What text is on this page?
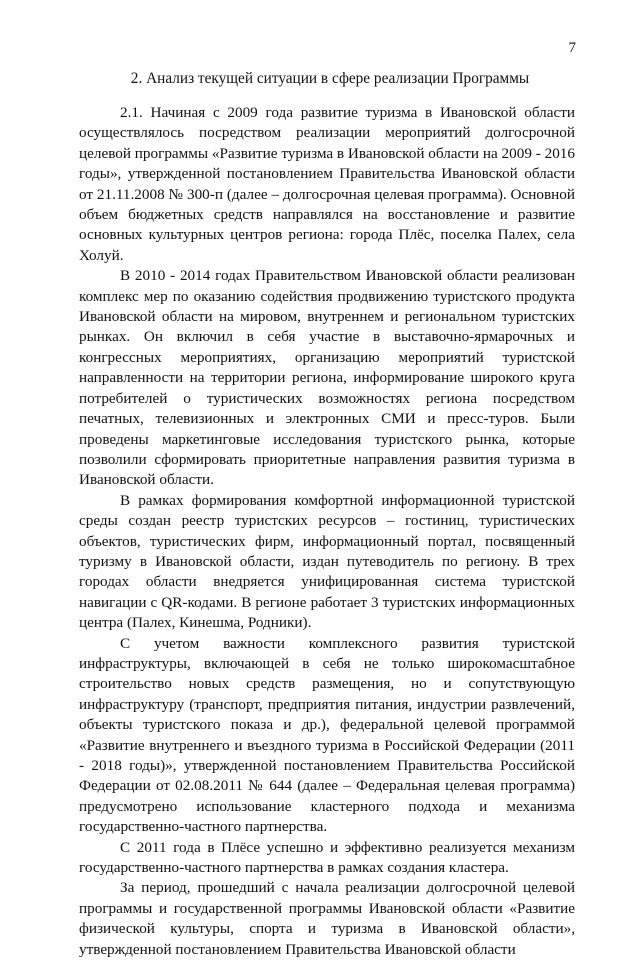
7
2. Анализ текущей ситуации в сфере реализации Программы

2.1. Начиная с 2009 года развитие туризма в Ивановской области осуществлялось посредством реализации мероприятий долгосрочной целевой программы «Развитие туризма в Ивановской области на 2009 - 2016 годы», утвержденной постановлением Правительства Ивановской области от 21.11.2008 № 300-п (далее – долгосрочная целевая программа). Основной объем бюджетных средств направлялся на восстановление и развитие основных культурных центров региона: города Плёс, поселка Палех, села Холуй.

В 2010 - 2014 годах Правительством Ивановской области реализован комплекс мер по оказанию содействия продвижению туристского продукта Ивановской области на мировом, внутреннем и региональном туристских рынках. Он включил в себя участие в выставочно-ярмарочных и конгрессных мероприятиях, организацию мероприятий туристской направленности на территории региона, информирование широкого круга потребителей о туристических возможностях региона посредством печатных, телевизионных и электронных СМИ и пресс-туров. Были проведены маркетинговые исследования туристского рынка, которые позволили сформировать приоритетные направления развития туризма в Ивановской области.

В рамках формирования комфортной информационной туристской среды создан реестр туристских ресурсов – гостиниц, туристических объектов, туристических фирм, информационный портал, посвященный туризму в Ивановской области, издан путеводитель по региону. В трех городах области внедряется унифицированная система туристской навигации с QR-кодами. В регионе работает 3 туристских информационных центра (Палех, Кинешма, Родники).

С учетом важности комплексного развития туристской инфраструктуры, включающей в себя не только широкомасштабное строительство новых средств размещения, но и сопутствующую инфраструктуру (транспорт, предприятия питания, индустрии развлечений, объекты туристского показа и др.), федеральной целевой программой «Развитие внутреннего и въездного туризма в Российской Федерации (2011 - 2018 годы)», утвержденной постановлением Правительства Российской Федерации от 02.08.2011 № 644 (далее – Федеральная целевая программа) предусмотрено использование кластерного подхода и механизма государственно-частного партнерства.

С 2011 года в Плёсе успешно и эффективно реализуется механизм государственно-частного партнерства в рамках создания кластера.

За период, прошедший с начала реализации долгосрочной целевой программы и государственной программы Ивановской области «Развитие физической культуры, спорта и туризма в Ивановской области», утвержденной постановлением Правительства Ивановской области
